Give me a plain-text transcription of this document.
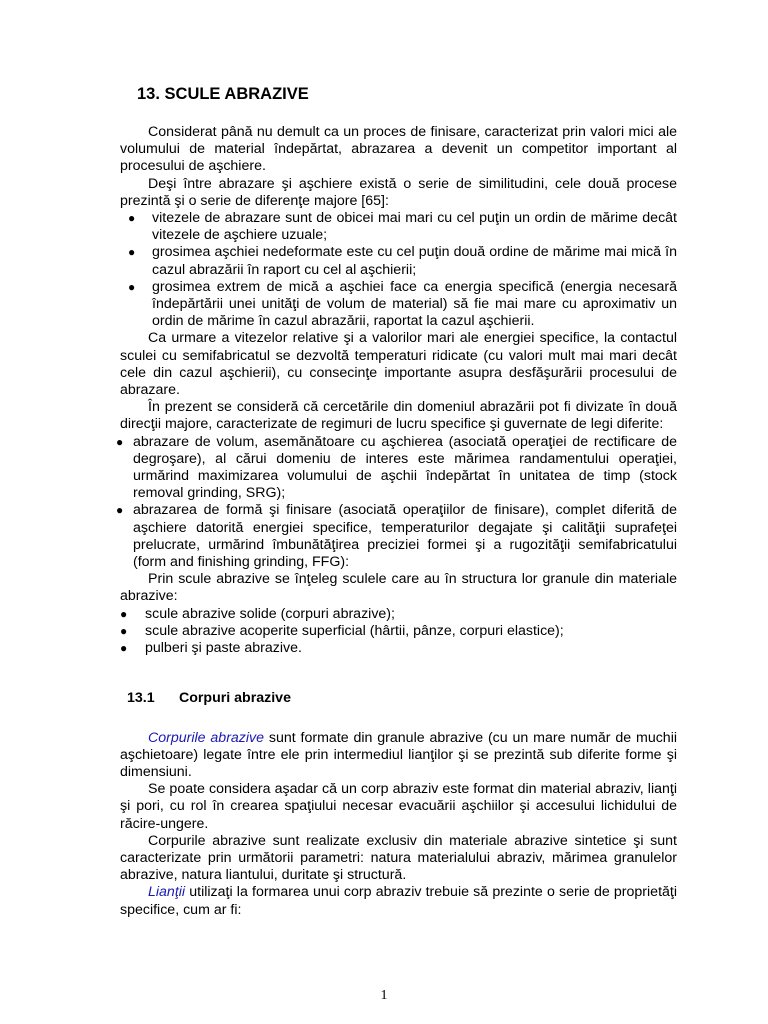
13. SCULE ABRAZIVE

Considerat până nu demult ca un proces de finisare, caracterizat prin valori mici ale volumului de material îndepărtat, abrazarea a devenit un competitor important al procesului de aşchiere.

Deşi între abrazare şi aşchiere există o serie de similitudini, cele două procese prezintă şi o serie de diferenţe majore [65]:

● vitezele de abrazare sunt de obicei mai mari cu cel puţin un ordin de mărime decât vitezele de aşchiere uzuale;
● grosimea aşchiei nedeformate este cu cel puţin două ordine de mărime mai mică în cazul abrazării în raport cu cel al aşchierii;
● grosimea extrem de mică a aşchiei face ca energia specifică (energia necesară îndepărtării unei unităţi de volum de material) să fie mai mare cu aproximativ un ordin de mărime în cazul abrazării, raportat la cazul aşchierii.

Ca urmare a vitezelor relative şi a valorilor mari ale energiei specifice, la contactul sculei cu semifabricatul se dezvoltă temperaturi ridicate (cu valori mult mai mari decât cele din cazul aşchierii), cu consecinţe importante asupra desfăşurării procesului de abrazare.

În prezent se consideră că cercetările din domeniul abrazării pot fi divizate în două direcţii majore, caracterizate de regimuri de lucru specifice şi guvernate de legi diferite:

● abrazare de volum, asemănătoare cu aşchierea (asociată operaţiei de rectificare de degroşare), al cărui domeniu de interes este mărimea randamentului operaţiei, urmărind maximizarea volumului de aşchii îndepărtat în unitatea de timp (stock removal grinding, SRG);
● abrazarea de formă şi finisare (asociată operaţiilor de finisare), complet diferită de aşchiere datorită energiei specifice, temperaturilor degajate şi calităţii suprafeţei prelucrate, urmărind îmbunătăţirea preciziei formei şi a rugozităţii semifabricatului (form and finishing grinding, FFG):

Prin scule abrazive se înţeleg sculele care au în structura lor granule din materiale abrazive:

● scule abrazive solide (corpuri abrazive);
● scule abrazive acoperite superficial (hârtii, pânze, corpuri elastice);
● pulberi şi paste abrazive.
13.1 Corpuri abrazive

Corpurile abrazive sunt formate din granule abrazive (cu un mare număr de muchii aşchietoare) legate între ele prin intermediul lianţilor şi se prezintă sub diferite forme şi dimensiuni.

Se poate considera aşadar că un corp abraziv este format din material abraziv, lianţi şi pori, cu rol în crearea spaţiului necesar evacuării aşchiilor şi accesului lichidului de răcire-ungere.

Corpurile abrazive sunt realizate exclusiv din materiale abrazive sintetice şi sunt caracterizate prin următorii parametri: natura materialului abraziv, mărimea granulelor abrazive, natura liantului, duritate şi structură.

Lianţii utilizaţi la formarea unui corp abraziv trebuie să prezinte o serie de proprietăţi specifice, cum ar fi:

1
